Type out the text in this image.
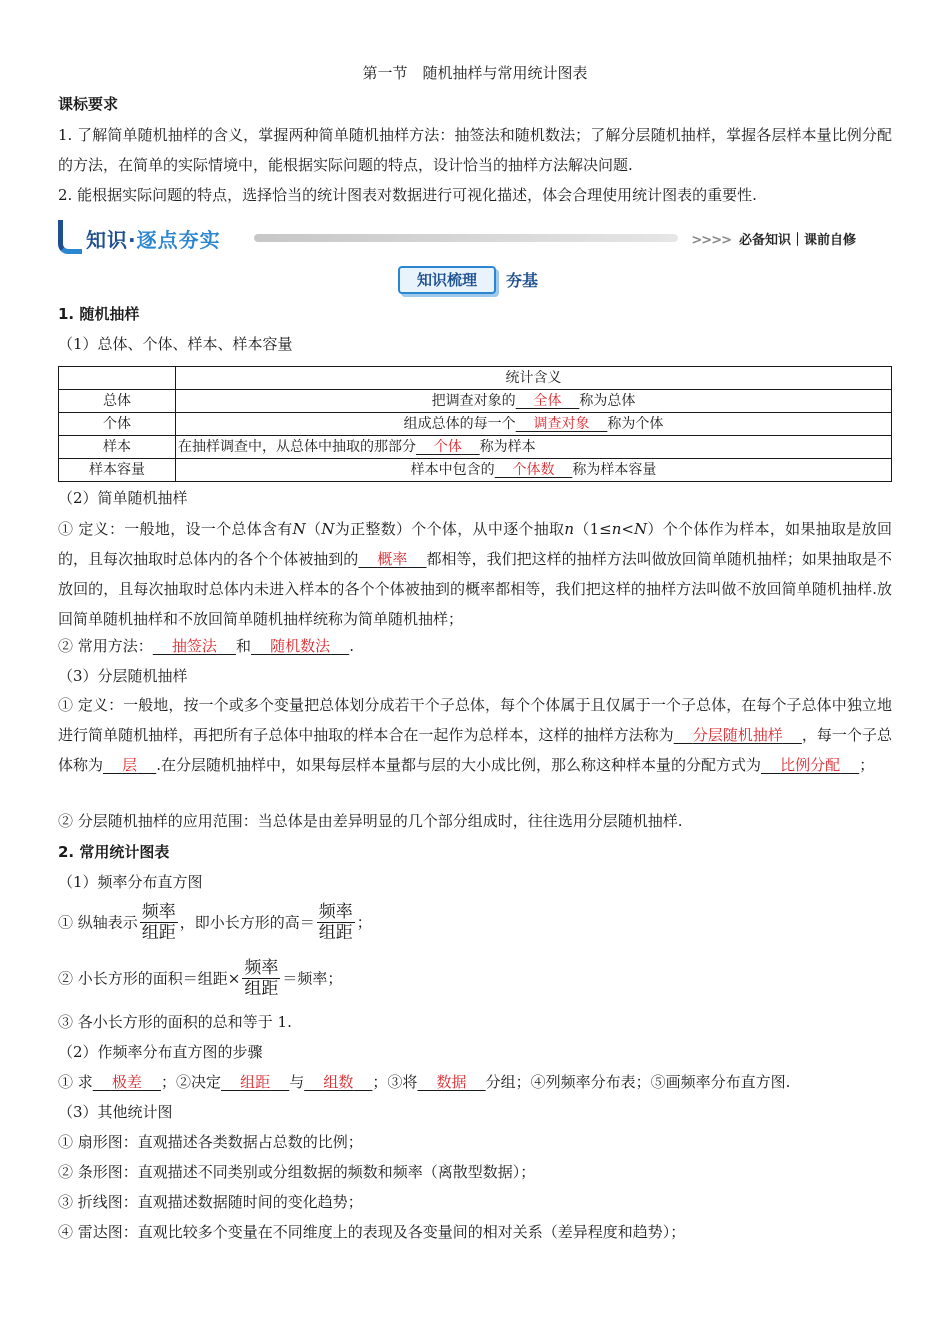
第一节　随机抽样与常用统计图表
课标要求
1. 了解简单随机抽样的含义，掌握两种简单随机抽样方法：抽签法和随机数法；了解分层随机抽样，掌握各层样本量比例分配的方法，在简单的实际情境中，能根据实际问题的特点，设计恰当的抽样方法解决问题.
2. 能根据实际问题的特点，选择恰当的统计图表对数据进行可视化描述，体会合理使用统计图表的重要性.
知识·逐点夯实	>>>> 必备知识｜课前自修
知识梳理	夯基
1. 随机抽样
（1）总体、个体、样本、样本容量
	统计含义
总体	把调查对象的   全体   称为总体
个体	组成总体的每一个   调查对象   称为个体
样本	在抽样调查中，从总体中抽取的那部分   个体   称为样本
样本容量	样本中包含的   个体数   称为样本容量
（2）简单随机抽样
① 定义：一般地，设一个总体含有N（N为正整数）个个体，从中逐个抽取n（1≤n<N）个个体作为样本，如果抽取是放回的，且每次抽取时总体内的各个个体被抽到的   概率   都相等，我们把这样的抽样方法叫做放回简单随机抽样；如果抽取是不放回的，且每次抽取时总体内未进入样本的各个个体被抽到的概率都相等，我们把这样的抽样方法叫做不放回简单随机抽样.放回简单随机抽样和不放回简单随机抽样统称为简单随机抽样；
② 常用方法：   抽签法   和   随机数法   .
（3）分层随机抽样
① 定义：一般地，按一个或多个变量把总体划分成若干个子总体，每个个体属于且仅属于一个子总体，在每个子总体中独立地进行简单随机抽样，再把所有子总体中抽取的样本合在一起作为总样本，这样的抽样方法称为   分层随机抽样   ，每一个子总体称为   层   .在分层随机抽样中，如果每层样本量都与层的大小成比例，那么称这种样本量的分配方式为   比例分配   ；
② 分层随机抽样的应用范围：当总体是由差异明显的几个部分组成时，往往选用分层随机抽样.
2. 常用统计图表
（1）频率分布直方图
① 纵轴表示 $\frac{\text{频率}}{\text{组距}}$ ，即小长方形的高＝ $\frac{\text{频率}}{\text{组距}}$ ；
② 小长方形的面积＝组距× $\frac{\text{频率}}{\text{组距}}$ ＝频率；
③ 各小长方形的面积的总和等于 1.
（2）作频率分布直方图的步骤
① 求   极差   ；②决定   组距   与   组数   ；③将   数据   分组；④列频率分布表；⑤画频率分布直方图.
（3）其他统计图
① 扇形图：直观描述各类数据占总数的比例；
② 条形图：直观描述不同类别或分组数据的频数和频率（离散型数据）；
③ 折线图：直观描述数据随时间的变化趋势；
④ 雷达图：直观比较多个变量在不同维度上的表现及各变量间的相对关系（差异程度和趋势）；
